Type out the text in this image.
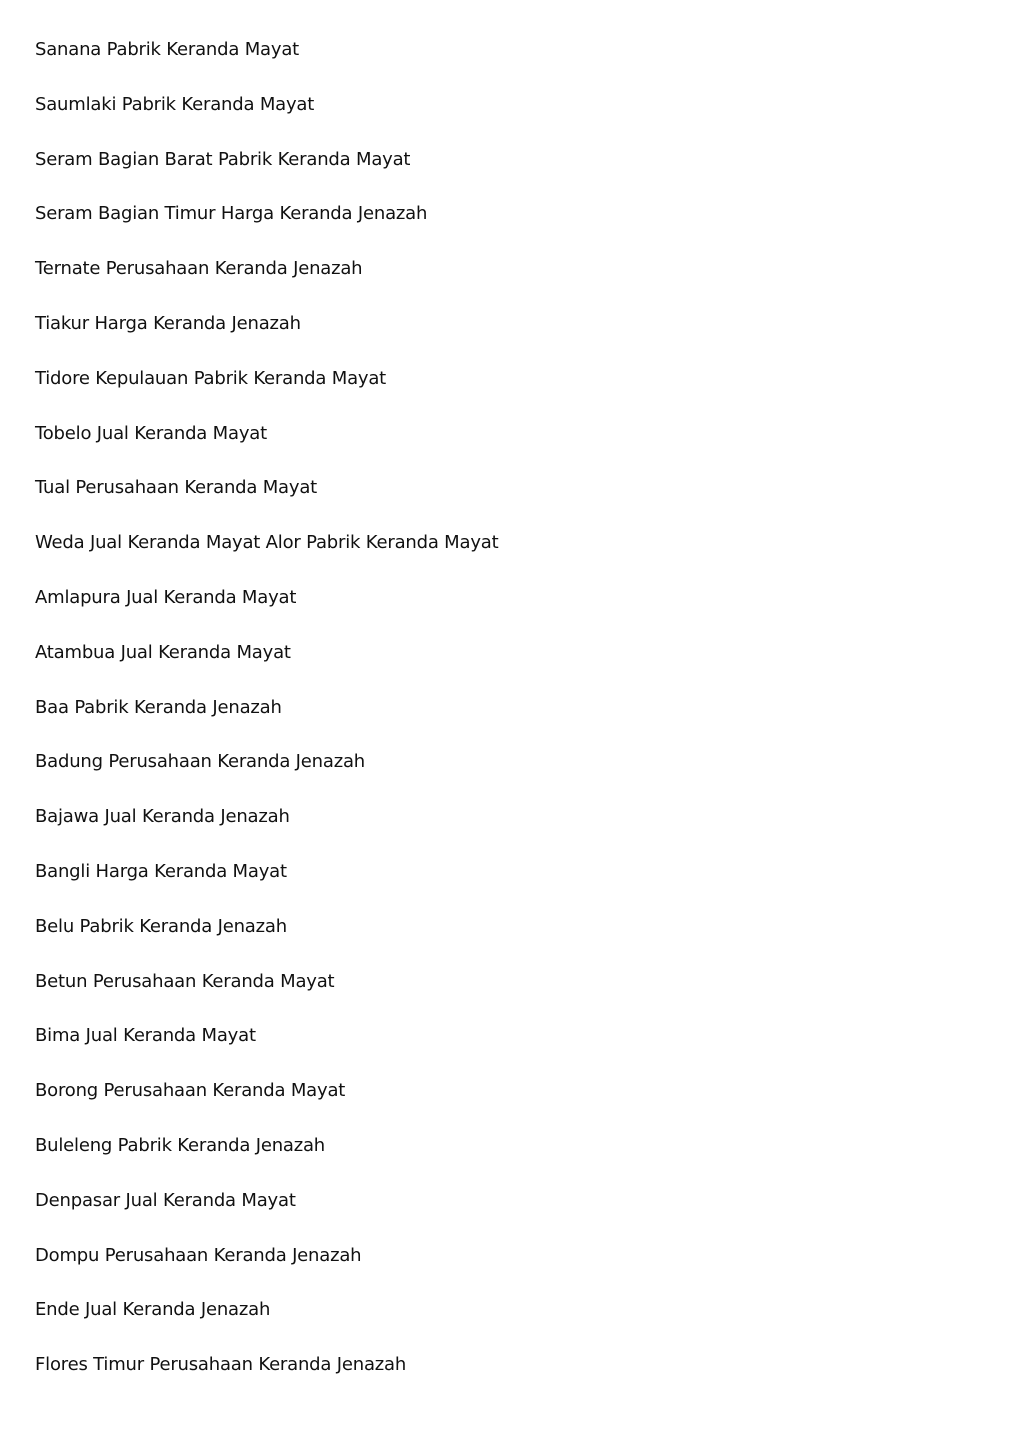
Sanana Pabrik Keranda Mayat
Saumlaki Pabrik Keranda Mayat
Seram Bagian Barat Pabrik Keranda Mayat
Seram Bagian Timur Harga Keranda Jenazah
Ternate Perusahaan Keranda Jenazah
Tiakur Harga Keranda Jenazah
Tidore Kepulauan Pabrik Keranda Mayat
Tobelo Jual Keranda Mayat
Tual Perusahaan Keranda Mayat
Weda Jual Keranda Mayat Alor Pabrik Keranda Mayat
Amlapura Jual Keranda Mayat
Atambua Jual Keranda Mayat
Baa Pabrik Keranda Jenazah
Badung Perusahaan Keranda Jenazah
Bajawa Jual Keranda Jenazah
Bangli Harga Keranda Mayat
Belu Pabrik Keranda Jenazah
Betun Perusahaan Keranda Mayat
Bima Jual Keranda Mayat
Borong Perusahaan Keranda Mayat
Buleleng Pabrik Keranda Jenazah
Denpasar Jual Keranda Mayat
Dompu Perusahaan Keranda Jenazah
Ende Jual Keranda Jenazah
Flores Timur Perusahaan Keranda Jenazah
